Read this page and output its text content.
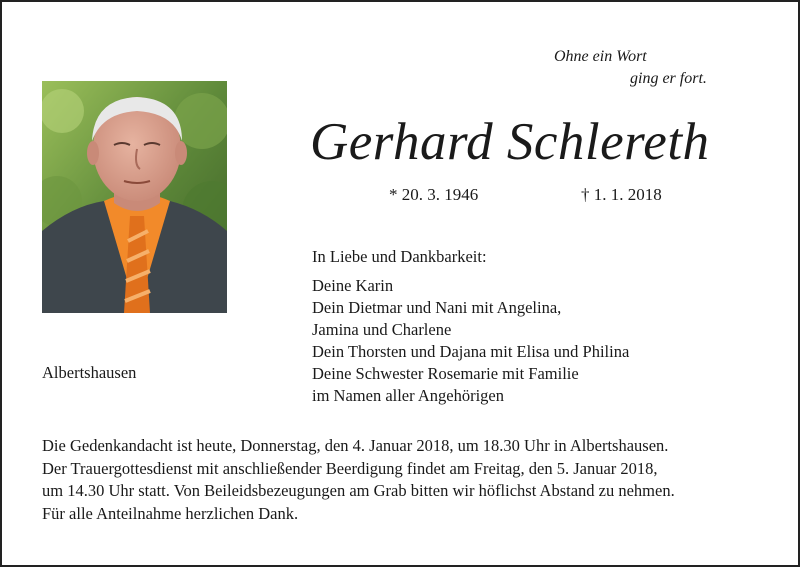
Ohne ein Wort
ging er fort.
Gerhard Schlereth
* 20. 3. 1946	† 1. 1. 2018
In Liebe und Dankbarkeit:
Deine Karin
Dein Dietmar und Nani mit Angelina,
Jamina und Charlene
Dein Thorsten und Dajana mit Elisa und Philina
Deine Schwester Rosemarie mit Familie
im Namen aller Angehörigen
Albertshausen
Die Gedenkandacht ist heute, Donnerstag, den 4. Januar 2018, um 18.30 Uhr in Albertshausen.
Der Trauergottesdienst mit anschließender Beerdigung findet am Freitag, den 5. Januar 2018,
um 14.30 Uhr statt. Von Beileidsbezeugungen am Grab bitten wir höflichst Abstand zu nehmen.
Für alle Anteilnahme herzlichen Dank.
